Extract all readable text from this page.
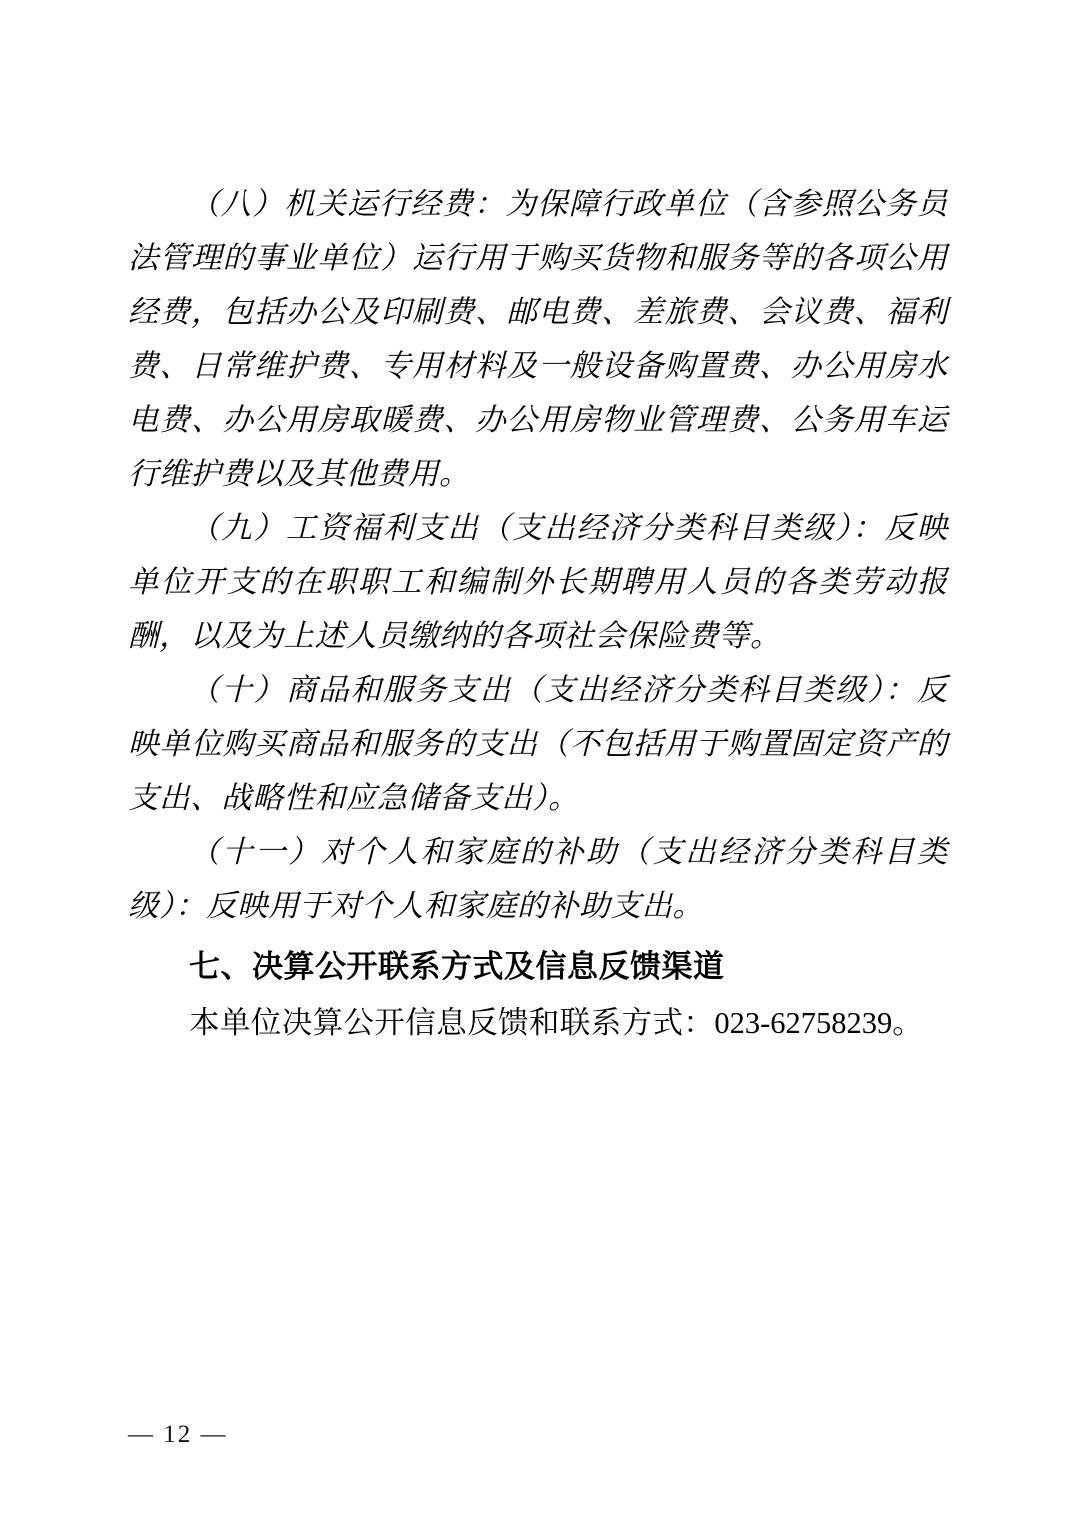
（八）机关运行经费：为保障行政单位（含参照公务员法管理的事业单位）运行用于购买货物和服务等的各项公用经费，包括办公及印刷费、邮电费、差旅费、会议费、福利费、日常维护费、专用材料及一般设备购置费、办公用房水电费、办公用房取暖费、办公用房物业管理费、公务用车运行维护费以及其他费用。

（九）工资福利支出（支出经济分类科目类级）：反映单位开支的在职职工和编制外长期聘用人员的各类劳动报酬，以及为上述人员缴纳的各项社会保险费等。

（十）商品和服务支出（支出经济分类科目类级）：反映单位购买商品和服务的支出（不包括用于购置固定资产的支出、战略性和应急储备支出）。

（十一）对个人和家庭的补助（支出经济分类科目类级）：反映用于对个人和家庭的补助支出。

七、决算公开联系方式及信息反馈渠道

本单位决算公开信息反馈和联系方式：023-62758239。

— 12 —
